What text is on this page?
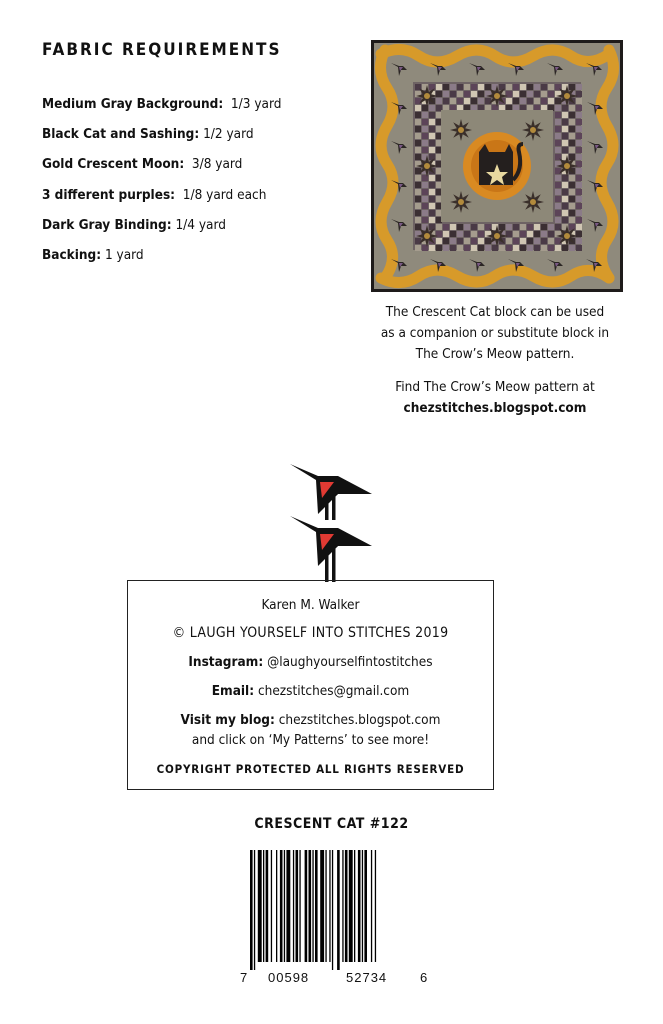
FABRIC REQUIREMENTS
Medium Gray Background: 1/3 yard
Black Cat and Sashing: 1/2 yard
Gold Crescent Moon: 3/8 yard
3 different purples: 1/8 yard each
Dark Gray Binding: 1/4 yard
Backing: 1 yard
The Crescent Cat block can be used
as a companion or substitute block in
The Crow’s Meow pattern.
Find The Crow’s Meow pattern at
chezstitches.blogspot.com
Karen M. Walker
© LAUGH YOURSELF INTO STITCHES 2019
Instagram: @laughyourselfintostitches
Email: chezstitches@gmail.com
Visit my blog: chezstitches.blogspot.com
and click on ‘My Patterns’ to see more!
COPYRIGHT PROTECTED ALL RIGHTS RESERVED
CRESCENT CAT #122
7 00598	52734	6
